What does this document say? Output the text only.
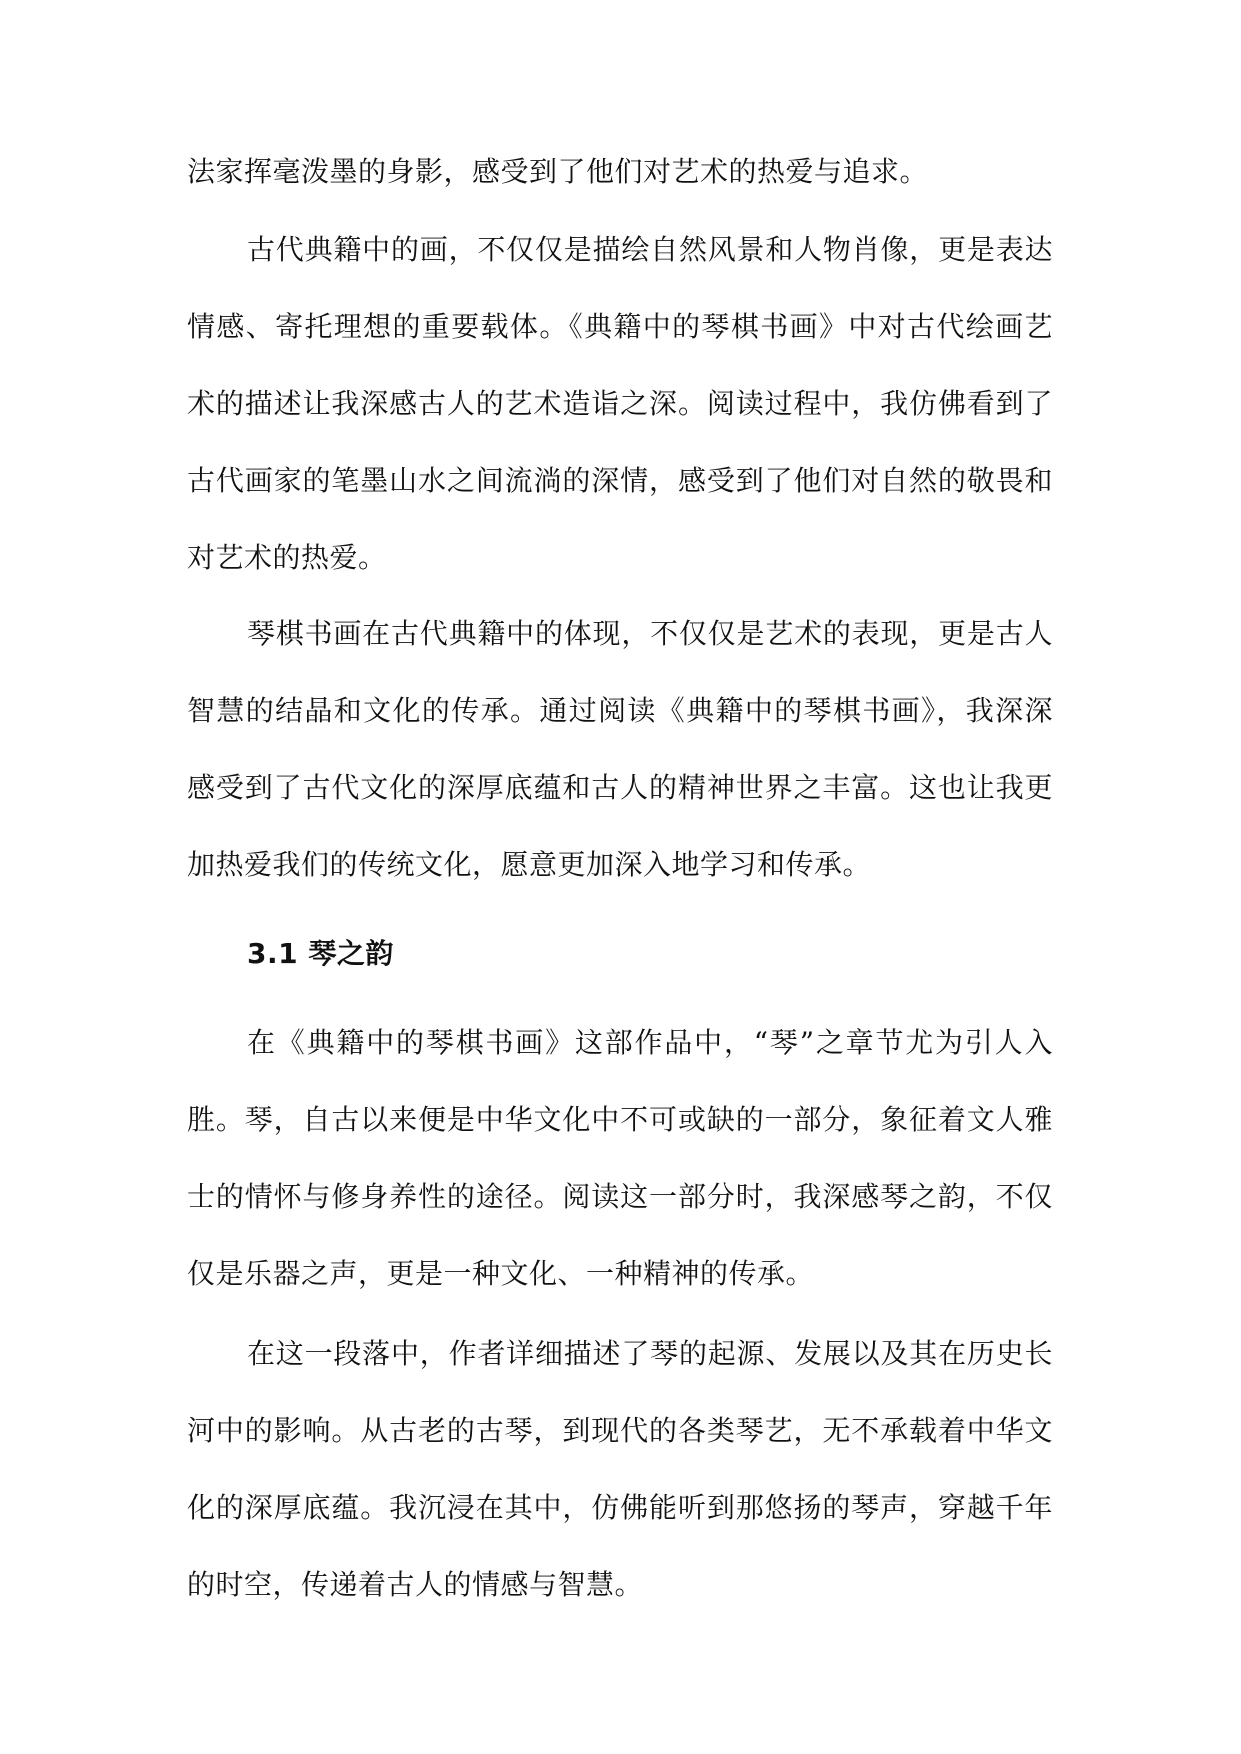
法家挥毫泼墨的身影，感受到了他们对艺术的热爱与追求。

古代典籍中的画，不仅仅是描绘自然风景和人物肖像，更是表达情感、寄托理想的重要载体。《典籍中的琴棋书画》中对古代绘画艺术的描述让我深感古人的艺术造诣之深。阅读过程中，我仿佛看到了古代画家的笔墨山水之间流淌的深情，感受到了他们对自然的敬畏和对艺术的热爱。

琴棋书画在古代典籍中的体现，不仅仅是艺术的表现，更是古人智慧的结晶和文化的传承。通过阅读《典籍中的琴棋书画》，我深深感受到了古代文化的深厚底蕴和古人的精神世界之丰富。这也让我更加热爱我们的传统文化，愿意更加深入地学习和传承。

3.1 琴之韵

在《典籍中的琴棋书画》这部作品中，“琴”之章节尤为引人入胜。琴，自古以来便是中华文化中不可或缺的一部分，象征着文人雅士的情怀与修身养性的途径。阅读这一部分时，我深感琴之韵，不仅仅是乐器之声，更是一种文化、一种精神的传承。

在这一段落中，作者详细描述了琴的起源、发展以及其在历史长河中的影响。从古老的古琴，到现代的各类琴艺，无不承载着中华文化的深厚底蕴。我沉浸在其中，仿佛能听到那悠扬的琴声，穿越千年的时空，传递着古人的情感与智慧。
